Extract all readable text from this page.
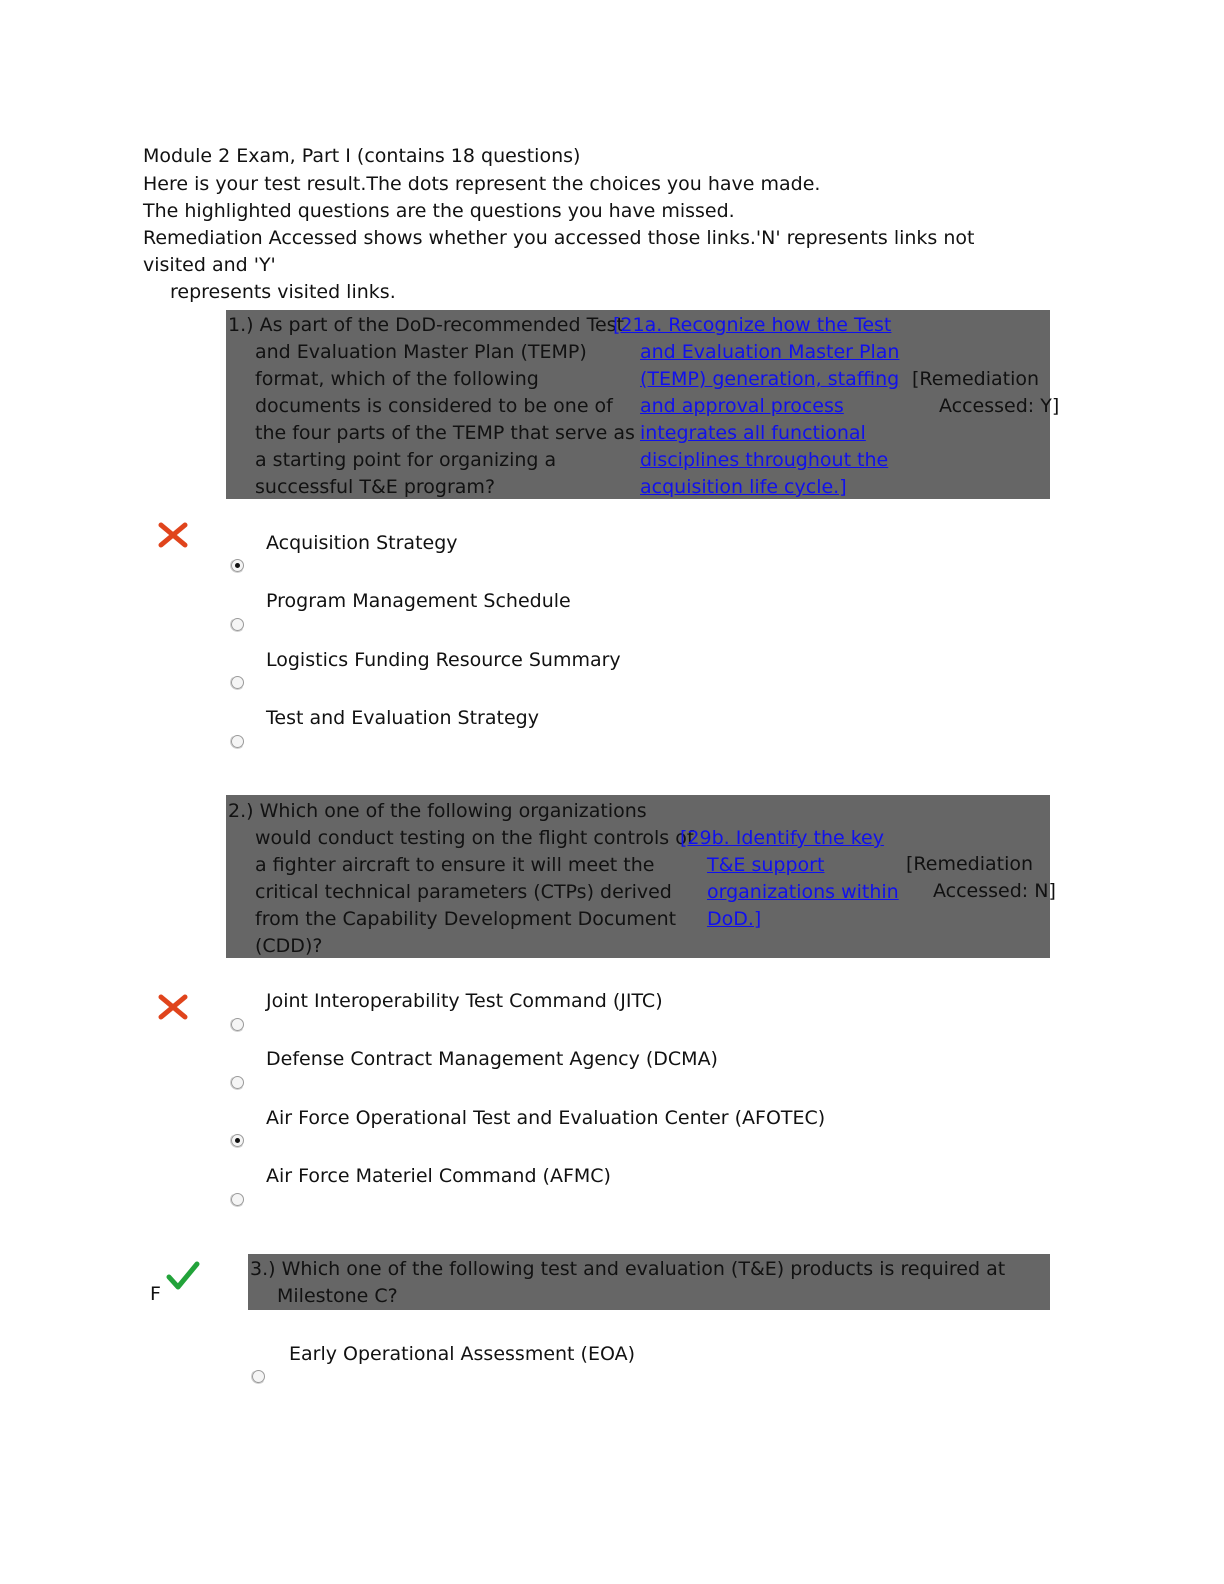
Module 2 Exam, Part I (contains 18 questions)
Here is your test result.The dots represent the choices you have made.
The highlighted questions are the questions you have missed.
Remediation Accessed shows whether you accessed those links.'N' represents links not visited and 'Y'
represents visited links.
1.) As part of the DoD-recommended Test and Evaluation Master Plan (TEMP) format, which of the following documents is considered to be one of the four parts of the TEMP that serve as a starting point for organizing a successful T&E program?
[21a. Recognize how the Test and Evaluation Master Plan (TEMP) generation, staffing and approval process integrates all functional disciplines throughout the acquisition life cycle.]
[Remediation Accessed: Y]
Acquisition Strategy
Program Management Schedule
Logistics Funding Resource Summary
Test and Evaluation Strategy
2.) Which one of the following organizations would conduct testing on the flight controls of a fighter aircraft to ensure it will meet the critical technical parameters (CTPs) derived from the Capability Development Document (CDD)?
[29b. Identify the key T&E support organizations within DoD.]
[Remediation Accessed: N]
Joint Interoperability Test Command (JITC)
Defense Contract Management Agency (DCMA)
Air Force Operational Test and Evaluation Center (AFOTEC)
Air Force Materiel Command (AFMC)
F
3.) Which one of the following test and evaluation (T&E) products is required at Milestone C?
Early Operational Assessment (EOA)
